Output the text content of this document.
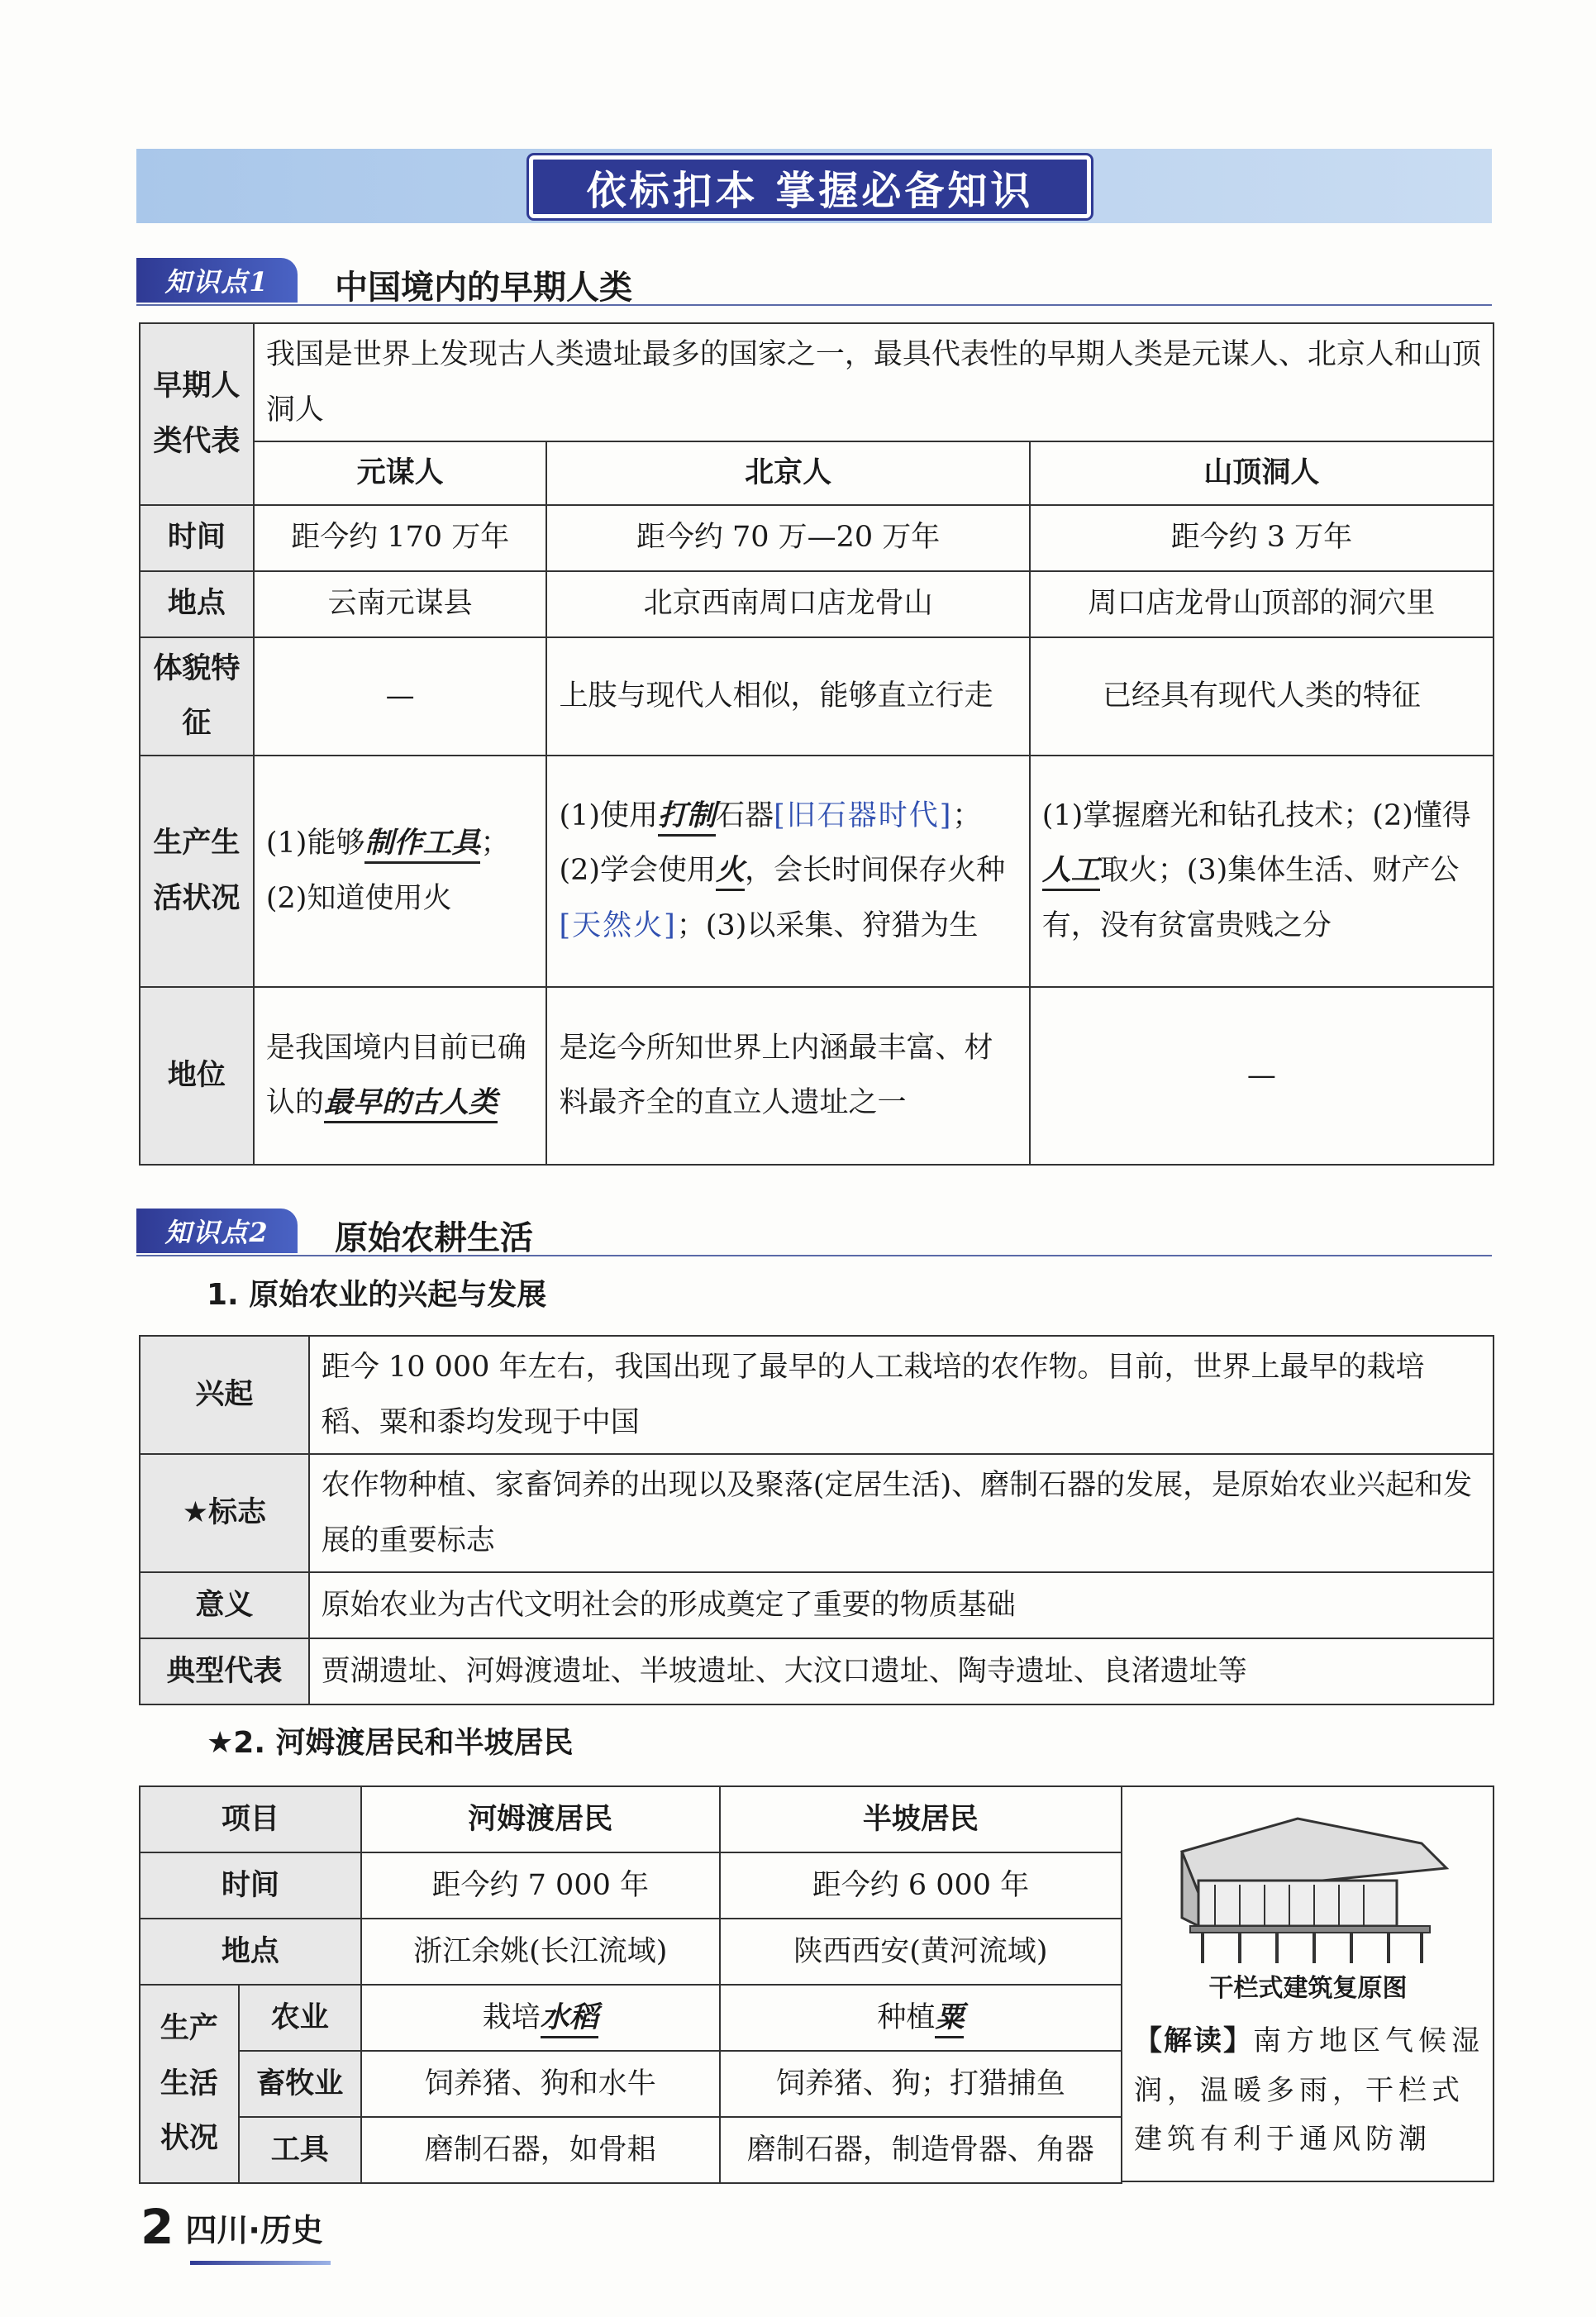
依标扣本 掌握必备知识
知识点1	中国境内的早期人类
早期人类代表	我国是世界上发现古人类遗址最多的国家之一，最具代表性的早期人类是元谋人、北京人和山顶洞人		
	元谋人	北京人	山顶洞人
时间	距今约 170 万年	距今约 70 万—20 万年	距今约 3 万年
地点	云南元谋县	北京西南周口店龙骨山	周口店龙骨山顶部的洞穴里
体貌特征	—	上肢与现代人相似，能够直立行走	已经具有现代人类的特征
生产生活状况	(1)能够制作工具；(2)知道使用火	(1)使用打制石器[旧石器时代]；(2)学会使用火，会长时间保存火种[天然火]；(3)以采集、狩猎为生	(1)掌握磨光和钻孔技术；(2)懂得人工取火；(3)集体生活、财产公有，没有贫富贵贱之分
地位	是我国境内目前已确认的最早的古人类	是迄今所知世界上内涵最丰富、材料最齐全的直立人遗址之一	—
知识点2	原始农耕生活
1. 原始农业的兴起与发展
兴起	距今 10 000 年左右，我国出现了最早的人工栽培的农作物。目前，世界上最早的栽培稻、粟和黍均发现于中国
★标志	农作物种植、家畜饲养的出现以及聚落(定居生活)、磨制石器的发展，是原始农业兴起和发展的重要标志
意义	原始农业为古代文明社会的形成奠定了重要的物质基础
典型代表	贾湖遗址、河姆渡遗址、半坡遗址、大汶口遗址、陶寺遗址、良渚遗址等
★2. 河姆渡居民和半坡居民
项目		河姆渡居民	半坡居民
时间		距今约 7 000 年	距今约 6 000 年
地点		浙江余姚(长江流域)	陕西西安(黄河流域)
生产生活状况	农业	栽培水稻	种植粟
	畜牧业	饲养猪、狗和水牛	饲养猪、狗；打猎捕鱼
	工具	磨制石器，如骨耜	磨制石器，制造骨器、角器
干栏式建筑复原图
【解读】南方地区气候湿润，温暖多雨，干栏式建筑有利于通风防潮
2 四川·历史
